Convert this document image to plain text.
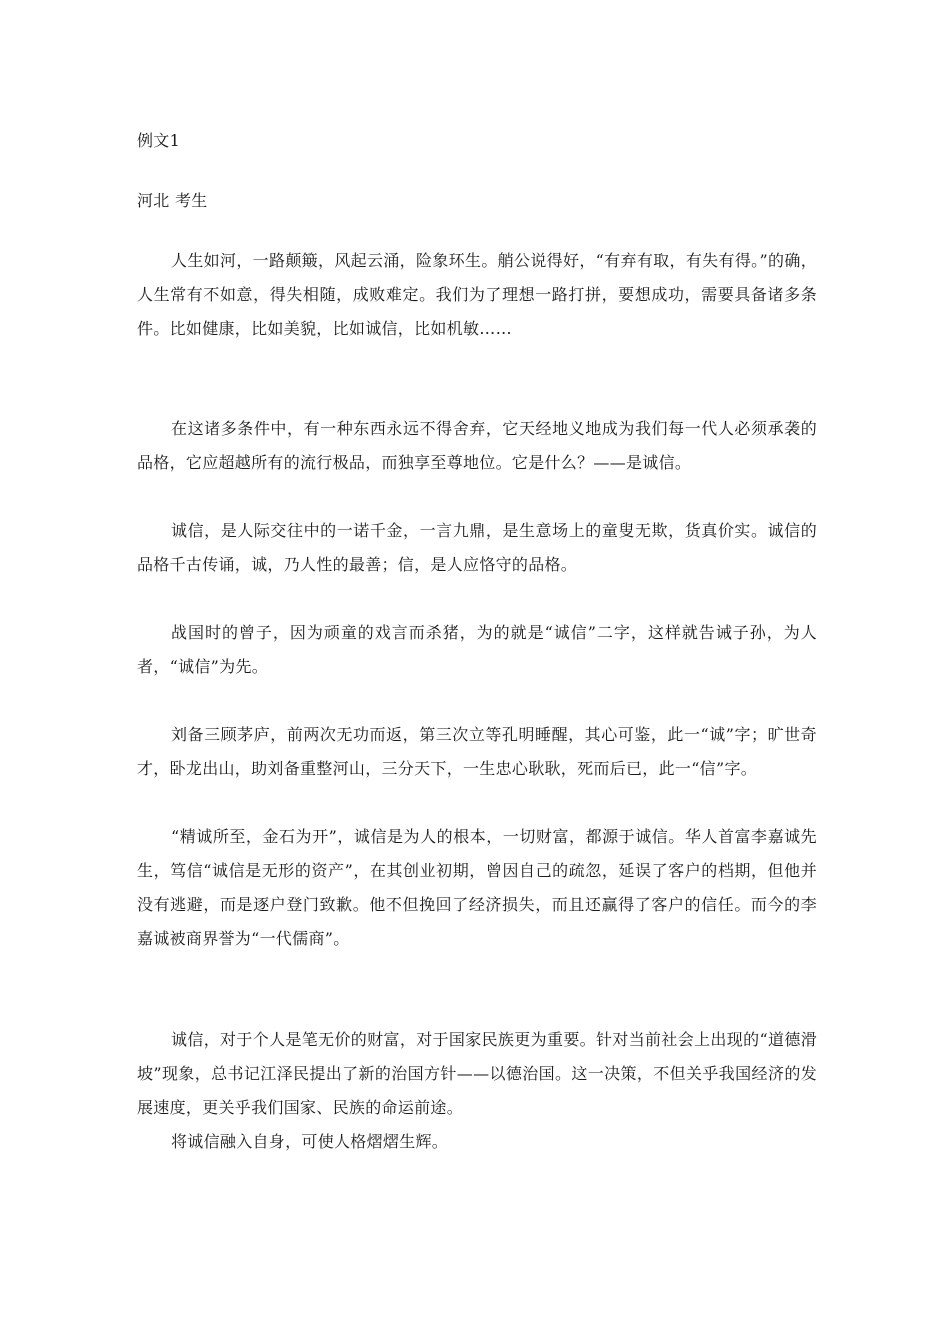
例文1

河北 考生

人生如河，一路颠簸，风起云涌，险象环生。艄公说得好，“有弃有取，有失有得。”的确，人生常有不如意，得失相随，成败难定。我们为了理想一路打拼，要想成功，需要具备诸多条件。比如健康，比如美貌，比如诚信，比如机敏……

在这诸多条件中，有一种东西永远不得舍弃，它天经地义地成为我们每一代人必须承袭的品格，它应超越所有的流行极品，而独享至尊地位。它是什么？——是诚信。

诚信，是人际交往中的一诺千金，一言九鼎，是生意场上的童叟无欺，货真价实。诚信的品格千古传诵，诚，乃人性的最善；信，是人应恪守的品格。

战国时的曾子，因为顽童的戏言而杀猪，为的就是“诚信”二字，这样就告诫子孙，为人者，“诚信”为先。

刘备三顾茅庐，前两次无功而返，第三次立等孔明睡醒，其心可鉴，此一“诚”字；旷世奇才，卧龙出山，助刘备重整河山，三分天下，一生忠心耿耿，死而后已，此一“信”字。

“精诚所至，金石为开”，诚信是为人的根本，一切财富，都源于诚信。华人首富李嘉诚先生，笃信“诚信是无形的资产”，在其创业初期，曾因自己的疏忽，延误了客户的档期，但他并没有逃避，而是逐户登门致歉。他不但挽回了经济损失，而且还赢得了客户的信任。而今的李嘉诚被商界誉为“一代儒商”。

诚信，对于个人是笔无价的财富，对于国家民族更为重要。针对当前社会上出现的“道德滑坡”现象，总书记江泽民提出了新的治国方针——以德治国。这一决策，不但关乎我国经济的发展速度，更关乎我们国家、民族的命运前途。

将诚信融入自身，可使人格熠熠生辉。
